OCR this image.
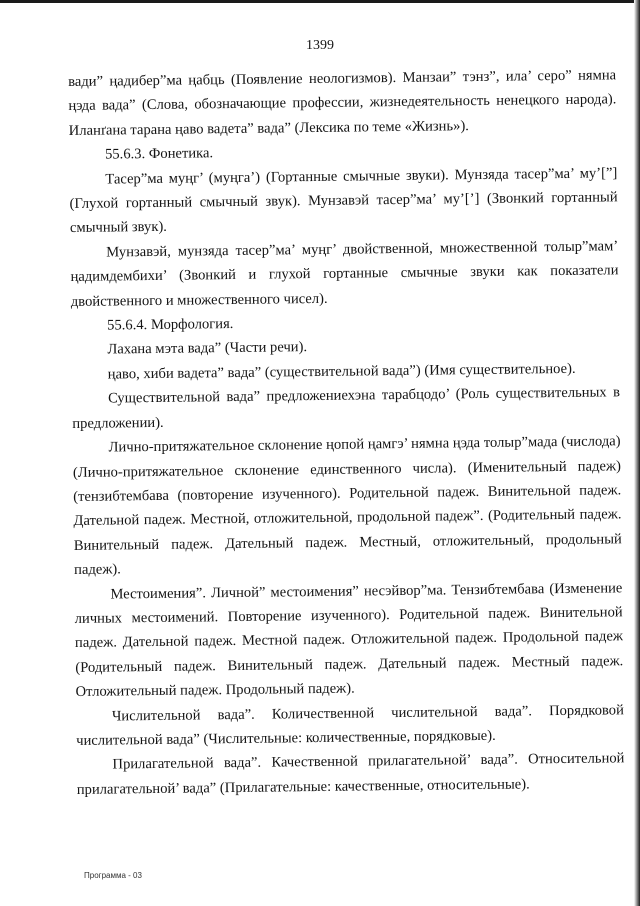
1399

вади” ңадибер”ма ңабць (Появление неологизмов). Манзаи” тэнз”, ила’ серо” нямна ңэда вада” (Слова, обозначающие профессии, жизнедеятельность ненецкого народа). Иланґана тарана ңаво вадета” вада” (Лексика по теме «Жизнь»).

55.6.3. Фонетика.

Тасер”ма муңг’ (муңга’) (Гортанные смычные звуки). Мунзяда тасер”ма’ му’[”] (Глухой гортанный смычный звук). Мунзавэй тасер”ма’ му’[’] (Звонкий гортанный смычный звук).

Мунзавэй, мунзяда тасер”ма’ муңг’ двойственной, множественной толыр”мам’ ңадимдембихи’ (Звонкий и глухой гортанные смычные звуки как показатели двойственного и множественного чисел).

55.6.4. Морфология.

Лахана мэта вада” (Части речи).

ңаво, хиби вадета” вада” (существительной вада”) (Имя существительное).

Существительной вада” предложениехэна тарабцодо’ (Роль существительных в предложении).

Лично-притяжательное склонение ңопой ңамгэ’ нямна ңэда толыр”мада (числода) (Лично-притяжательное склонение единственного числа). (Именительный падеж) (тензибтембава (повторение изученного). Родительной падеж. Винительной падеж. Дательной падеж. Местной, отложительной, продольной падеж”. (Родительный падеж. Винительный падеж. Дательный падеж. Местный, отложительный, продольный падеж).

Местоимения”. Личной” местоимения” несэйвор”ма. Тензибтембава (Изменение личных местоимений. Повторение изученного). Родительной падеж. Винительной падеж. Дательной падеж. Местной падеж. Отложительной падеж. Продольной падеж (Родительный падеж. Винительный падеж. Дательный падеж. Местный падеж. Отложительный падеж. Продольный падеж).

Числительной вада”. Количественной числительной вада”. Порядковой числительной вада” (Числительные: количественные, порядковые).

Прилагательной вада”. Качественной прилагательной’ вада”. Относительной прилагательной’ вада” (Прилагательные: качественные, относительные).

Программа - 03
